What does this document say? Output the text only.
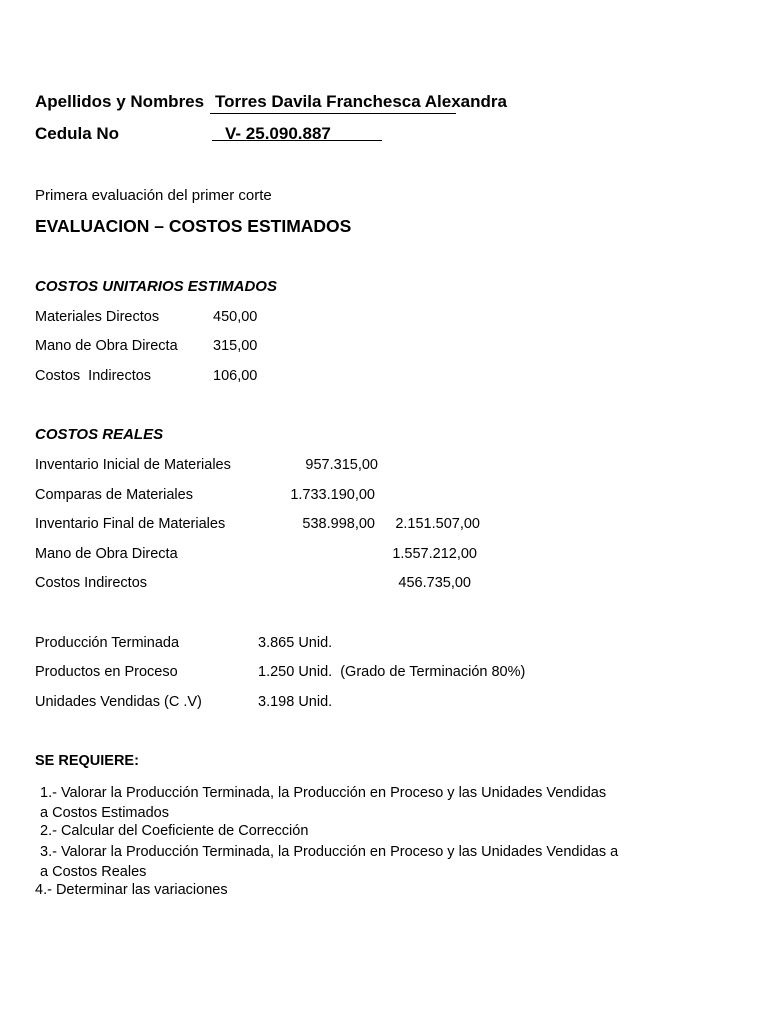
Apellidos y Nombres Torres Davila Franchesca Alexandra
Cedula No	V- 25.090.887
Primera evaluación del primer corte
EVALUACION – COSTOS ESTIMADOS
COSTOS UNITARIOS ESTIMADOS
Materiales Directos	450,00
Mano de Obra Directa 315,00
Costos  Indirectos	106,00
COSTOS REALES
Inventario Inicial de Materiales	957.315,00
Comparas de Materiales	1.733.190,00
Inventario Final de Materiales	538.998,00 2.151.507,00
Mano de Obra Directa	1.557.212,00
Costos Indirectos	456.735,00
Producción Terminada	3.865 Unid.
Productos en Proceso	1.250 Unid.  (Grado de Terminación 80%)
Unidades Vendidas (C .V)	3.198 Unid.
SE REQUIERE:
1.- Valorar la Producción Terminada, la Producción en Proceso y las Unidades Vendidas
a Costos Estimados
2.- Calcular del Coeficiente de Corrección
3.- Valorar la Producción Terminada, la Producción en Proceso y las Unidades Vendidas a
a Costos Reales
4.- Determinar las variaciones
